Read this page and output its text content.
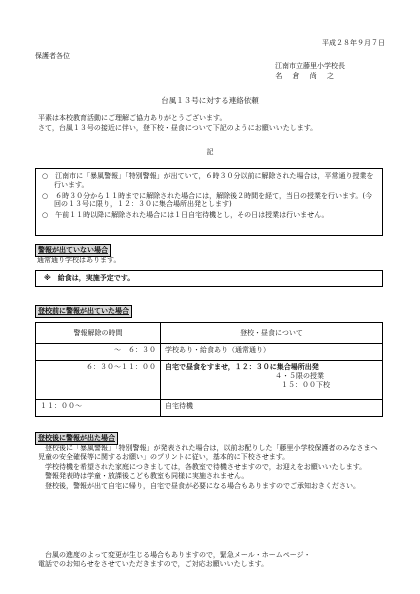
平成２８年９月７日
保護者各位
江南市立藤里小学校長
名 倉 尚 之
台風１３号に対する連絡依頼

平素は本校教育活動にご理解ご協力ありがとうございます。

さて，台風１３号の接近に伴い，登下校・昼食について下記のようにお願いいたします。

記
○　江南市に「暴風警報」「特別警報」が出ていて，６時３０分以前に解除された場合は，平常通り授業を行います。
○　６時３０分から１１時までに解除された場合には，解除後２時間を経て，当日の授業を行います。(今回の１３号に限り，１２：３０に集合場所出発とします)
○　午前１１時以降に解除された場合には１日自宅待機とし，その日は授業は行いません。
警報が出ていない場合
通常通り学校はあります。
※　給食は，実施予定です。
登校前に警報が出ていた場合
警報解除の時間	登校・昼食について
～　６：３０	学校あり・給食あり（通常通り）
６：３０～１１：００	自宅で昼食をすませ，１２：３０に集合場所出発
４・５限の授業
１５：００下校

１１：００～	自宅待機
登校後に警報が出た場合

登校後に「暴風警報」「特別警報」が発表された場合は，以前お配りした「藤里小学校保護者のみなさまへ　児童の安全確保等に関するお願い」のプリントに従い，基本的に下校させます。

学校待機を希望された家庭につきましては，各教室で待機させますので，お迎えをお願いいたします。

警報発表時は学童・放課後こども教室も同様に実施されません。

登校後，警報が出て自宅に帰り，自宅で昼食が必要になる場合もありますのでご承知おきください。

台風の進度のよって変更が生じる場合もありますので，緊急メール・ホームページ・

電話でのお知らせをさせていただきますので，ご対応お願いいたします。
